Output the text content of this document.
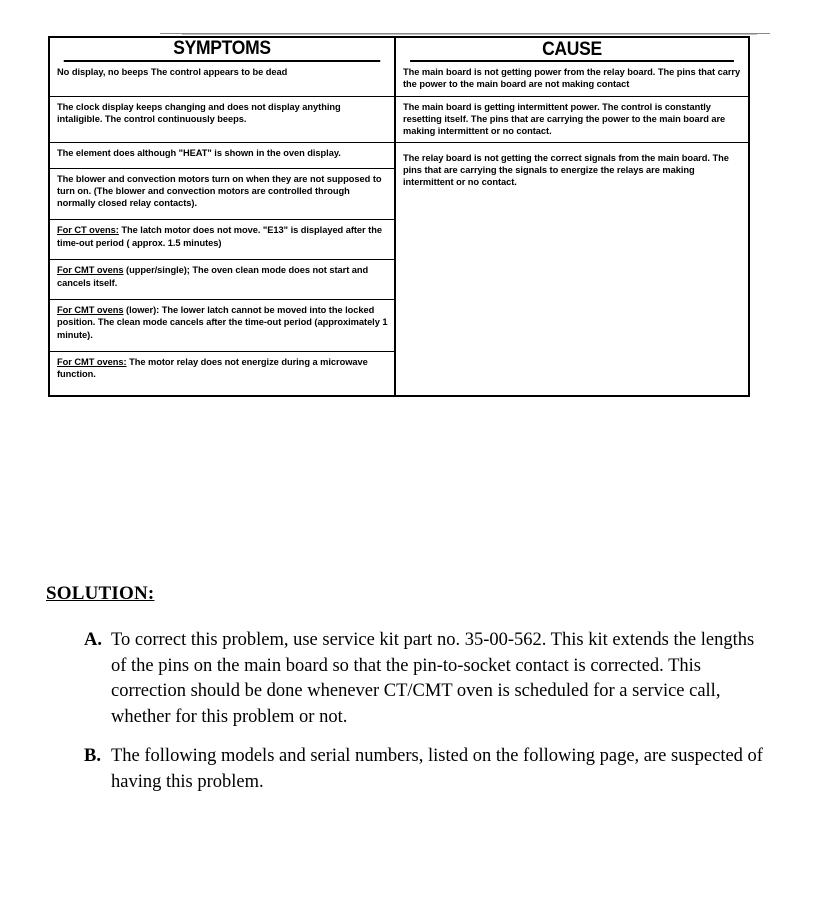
SYMPTOMS
No display, no beeps The control appears to be dead
The clock display keeps changing and does not display anything intaligible. The control continuously beeps.
The element does although "HEAT" is shown in the oven display.
The blower and convection motors turn on when they are not supposed to turn on. (The blower and convection motors are controlled through normally closed relay contacts).
For CT ovens: The latch motor does not move. "E13" is displayed after the time-out period ( approx. 1.5 minutes)
For CMT ovens (upper/single); The oven clean mode does not start and cancels itself.
For CMT ovens (lower): The lower latch cannot be moved into the locked position. The clean mode cancels after the time-out period (approximately 1 minute).
For CMT ovens: The motor relay does not energize during a microwave function.
CAUSE
The main board is not getting power from the relay board. The pins that carry the power to the main board are not making contact
The main board is getting intermittent power. The control is constantly resetting itself. The pins that are carrying the power to the main board are making intermittent or no contact.
The relay board is not getting the correct signals from the main board. The pins that are carrying the signals to energize the relays are making intermittent or no contact.
SOLUTION:
A. To correct this problem, use service kit part no. 35-00-562. This kit extends the lengths of the pins on the main board so that the pin-to-socket contact is corrected. This correction should be done whenever CT/CMT oven is scheduled for a service call, whether for this problem or not.
B. The following models and serial numbers, listed on the following page, are suspected of having this problem.
